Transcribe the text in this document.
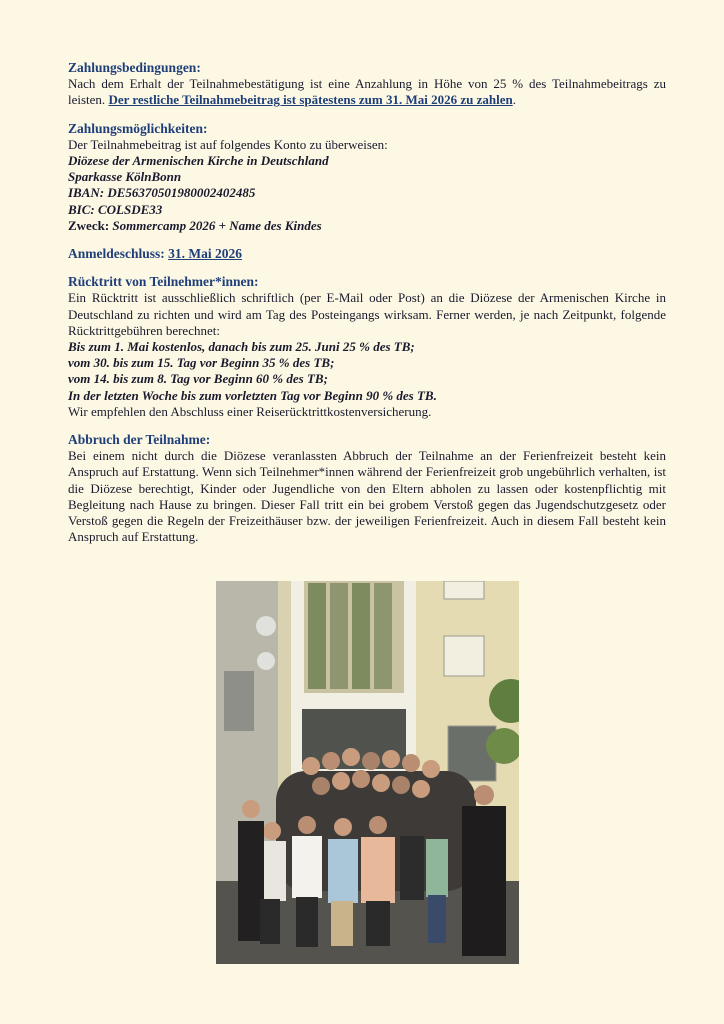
Zahlungsbedingungen:

Nach dem Erhalt der Teilnahmebestätigung ist eine Anzahlung in Höhe von 25 % des Teilnahmebeitrags zu leisten. Der restliche Teilnahmebeitrag ist spätestens zum 31. Mai 2026 zu zahlen.

Zahlungsmöglichkeiten:

Der Teilnahmebeitrag ist auf folgendes Konto zu überweisen:
Diözese der Armenischen Kirche in Deutschland
Sparkasse KölnBonn
IBAN: DE56370501980002402485
BIC: COLSDE33
Zweck: Sommercamp 2026 + Name des Kindes

Anmeldeschluss: 31. Mai 2026

Rücktritt von Teilnehmer*innen:

Ein Rücktritt ist ausschließlich schriftlich (per E-Mail oder Post) an die Diözese der Armenischen Kirche in Deutschland zu richten und wird am Tag des Posteingangs wirksam. Ferner werden, je nach Zeitpunkt, folgende Rücktrittgebühren berechnet:

Bis zum 1. Mai kostenlos, danach bis zum 25. Juni 25 % des TB;
vom 30. bis zum 15. Tag vor Beginn 35 % des TB;
vom 14. bis zum 8. Tag vor Beginn 60 % des TB;
In der letzten Woche bis zum vorletzten Tag vor Beginn 90 % des TB.
Wir empfehlen den Abschluss einer Reiserücktrittkostenversicherung.

Abbruch der Teilnahme:

Bei einem nicht durch die Diözese veranlassten Abbruch der Teilnahme an der Ferienfreizeit besteht kein Anspruch auf Erstattung. Wenn sich Teilnehmer*innen während der Ferienfreizeit grob ungebührlich verhalten, ist die Diözese berechtigt, Kinder oder Jugendliche von den Eltern abholen zu lassen oder kostenpflichtig mit Begleitung nach Hause zu bringen. Dieser Fall tritt ein bei grobem Verstoß gegen das Jugendschutzgesetz oder Verstoß gegen die Regeln der Freizeithäuser bzw. der jeweiligen Ferienfreizeit. Auch in diesem Fall besteht kein Anspruch auf Erstattung.
